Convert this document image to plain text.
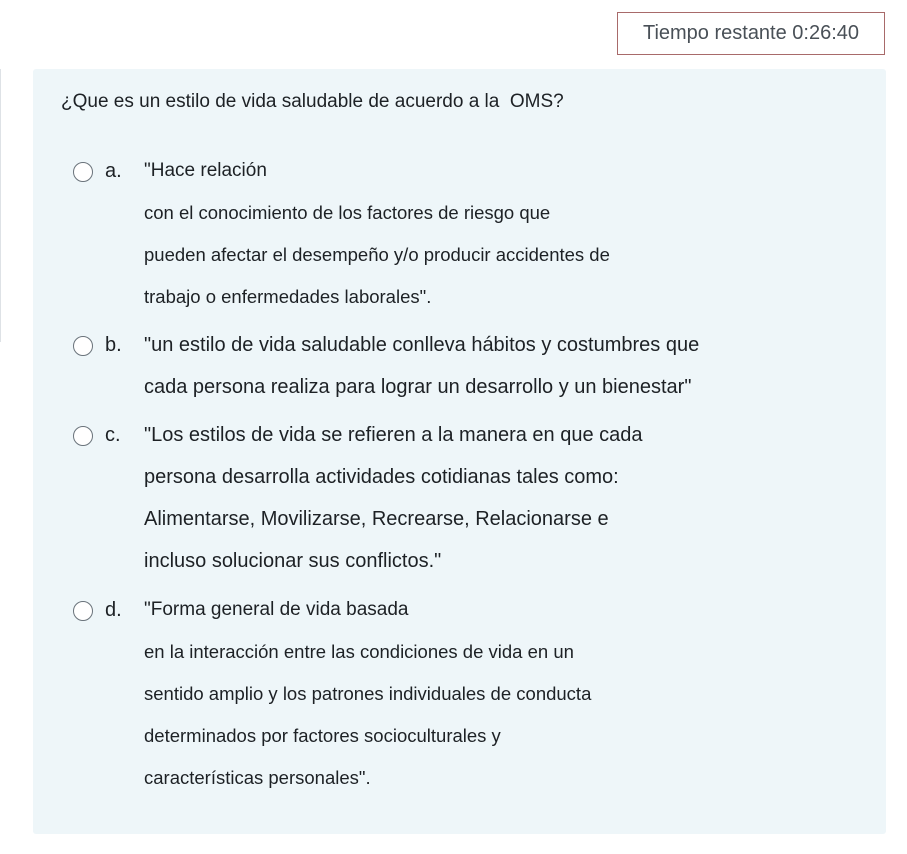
Tiempo restante 0:26:40

¿Que es un estilo de vida saludable de acuerdo a la  OMS?

a. "Hace relación
con el conocimiento de los factores de riesgo que
pueden afectar el desempeño y/o producir accidentes de
trabajo o enfermedades laborales".
b. "un estilo de vida saludable conlleva hábitos y costumbres que
cada persona realiza para lograr un desarrollo y un bienestar"
c. "Los estilos de vida se refieren a la manera en que cada
persona desarrolla actividades cotidianas tales como:
Alimentarse, Movilizarse, Recrearse, Relacionarse e
incluso solucionar sus conflictos."
d. "Forma general de vida basada
en la interacción entre las condiciones de vida en un
sentido amplio y los patrones individuales de conducta
determinados por factores socioculturales y
características personales".
